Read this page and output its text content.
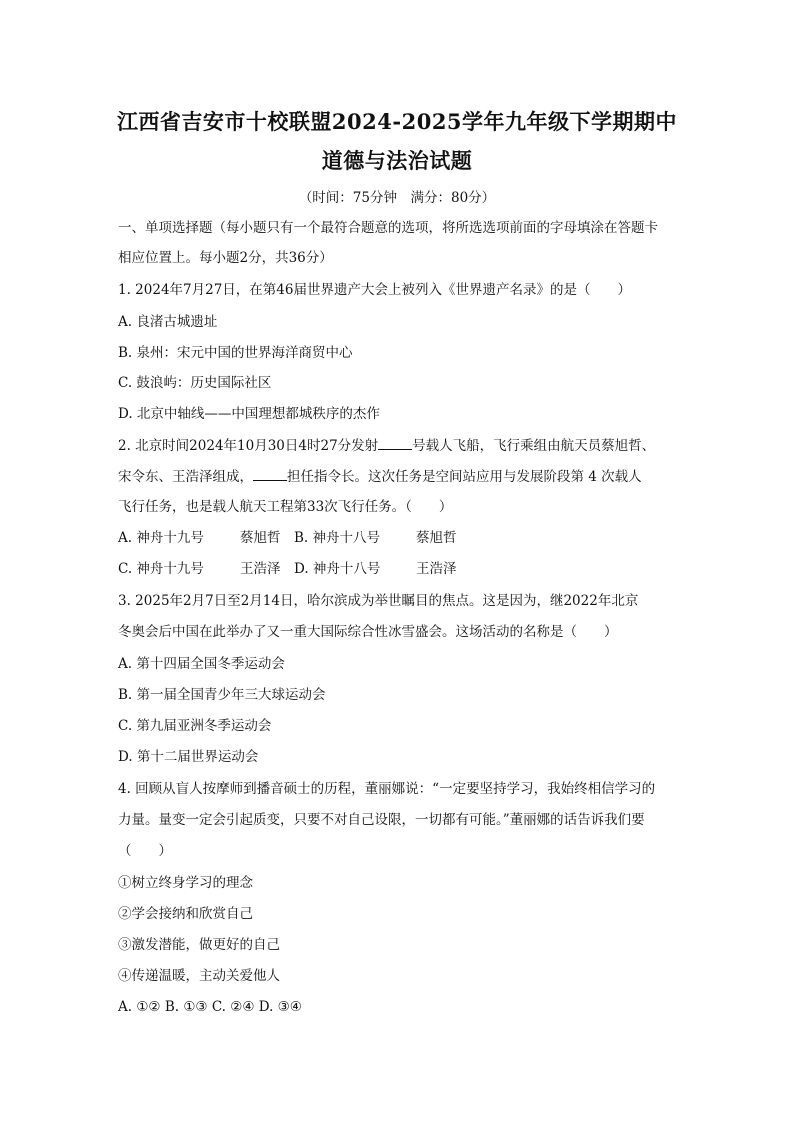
江西省吉安市十校联盟2024-2025学年九年级下学期期中
道德与法治试题
（时间：75分钟　满分：80分）
一、单项选择题（每小题只有一个最符合题意的选项，将所选选项前面的字母填涂在答题卡
相应位置上。每小题2分，共36分）
1. 2024年7月27日，在第46届世界遗产大会上被列入《世界遗产名录》的是（　　）
A. 良渚古城遗址
B. 泉州：宋元中国的世界海洋商贸中心
C. 鼓浪屿：历史国际社区
D. 北京中轴线——中国理想都城秩序的杰作
2. 北京时间2024年10月30日4时27分发射	号载人飞船，飞行乘组由航天员蔡旭哲、
宋令东、王浩泽组成，	担任指令长。这次任务是空间站应用与发展阶段第 4 次载人
飞行任务，也是载人航天工程第33次飞行任务。（　　）
A. 神舟十九号	蔡旭哲 B. 神舟十八号	蔡旭哲
C. 神舟十九号	王浩泽 D. 神舟十八号	王浩泽
3. 2025年2月7日至2月14日，哈尔滨成为举世瞩目的焦点。这是因为，继2022年北京
冬奥会后中国在此举办了又一重大国际综合性冰雪盛会。这场活动的名称是（　　）
A. 第十四届全国冬季运动会
B. 第一届全国青少年三大球运动会
C. 第九届亚洲冬季运动会
D. 第十二届世界运动会
4. 回顾从盲人按摩师到播音硕士的历程，董丽娜说：“一定要坚持学习，我始终相信学习的
力量。量变一定会引起质变，只要不对自己设限，一切都有可能。”董丽娜的话告诉我们要
（　　）
①树立终身学习的理念
②学会接纳和欣赏自己
③激发潜能，做更好的自己
④传递温暖，主动关爱他人
A. ①② B. ①③ C. ②④ D. ③④
